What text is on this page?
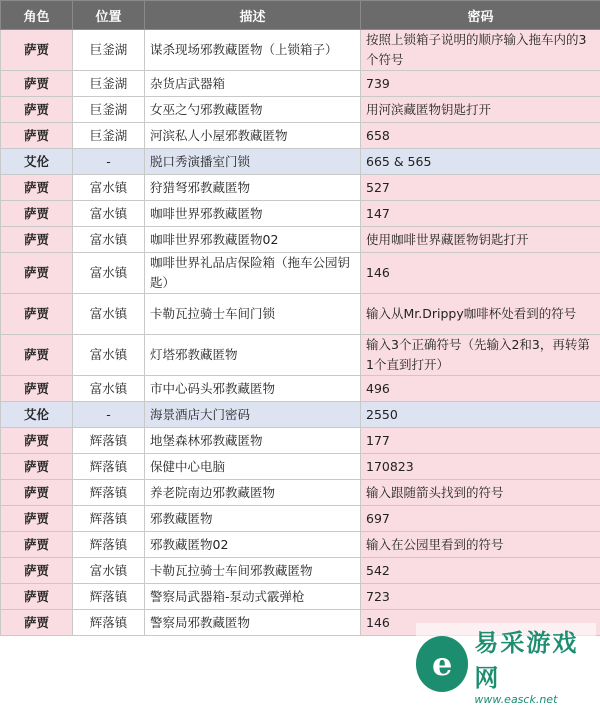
角色	位置	描述	密码
萨贾	巨釜湖	谋杀现场邪教藏匿物（上锁箱子）	按照上锁箱子说明的顺序输入拖车内的3个符号
萨贾	巨釜湖	杂货店武器箱	739
萨贾	巨釜湖	女巫之勺邪教藏匿物	用河滨藏匿物钥匙打开
萨贾	巨釜湖	河滨私人小屋邪教藏匿物	658
艾伦	-	脱口秀演播室门锁	665 & 565
萨贾	富水镇	狩猎弩邪教藏匿物	527
萨贾	富水镇	咖啡世界邪教藏匿物	147
萨贾	富水镇	咖啡世界邪教藏匿物02	使用咖啡世界藏匿物钥匙打开
萨贾	富水镇	咖啡世界礼品店保险箱（拖车公园钥匙）	146
萨贾	富水镇	卡勒瓦拉骑士车间门锁	输入从Mr.Drippy咖啡杯处看到的符号
萨贾	富水镇	灯塔邪教藏匿物	输入3个正确符号（先输入2和3，再转第1个直到打开）
萨贾	富水镇	市中心码头邪教藏匿物	496
艾伦	-	海景酒店大门密码	2550
萨贾	辉落镇	地堡森林邪教藏匿物	177
萨贾	辉落镇	保健中心电脑	170823
萨贾	辉落镇	养老院南边邪教藏匿物	输入跟随箭头找到的符号
萨贾	辉落镇	邪教藏匿物	697
萨贾	辉落镇	邪教藏匿物02	输入在公园里看到的符号
萨贾	富水镇	卡勒瓦拉骑士车间邪教藏匿物	542
萨贾	辉落镇	警察局武器箱-泵动式霰弹枪	723
萨贾	辉落镇	警察局邪教藏匿物	146
e
易采游戏网
www.easck.net
